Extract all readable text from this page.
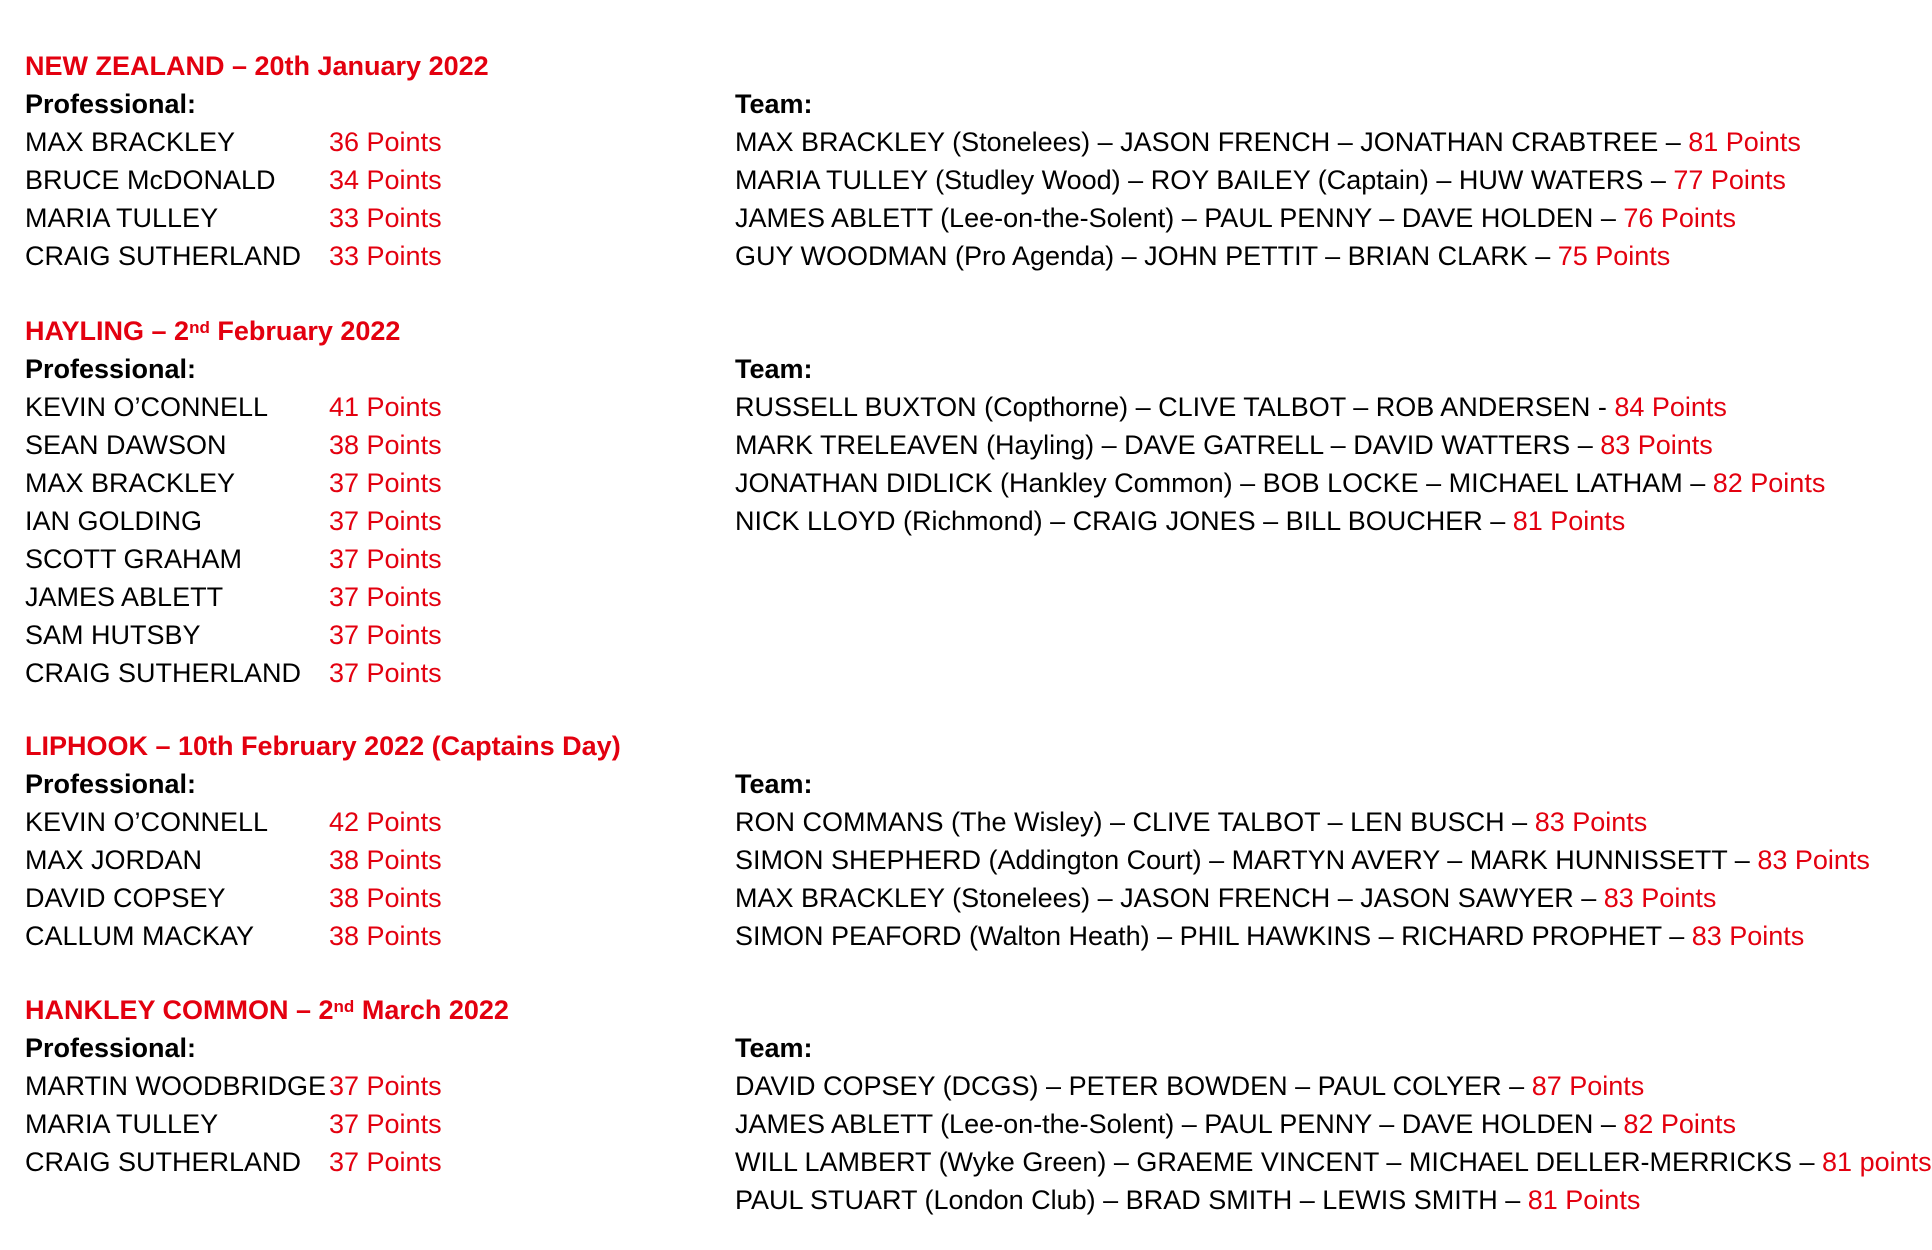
NEW ZEALAND – 20th January 2022
Professional:
MAX BRACKLEY	36 Points
BRUCE McDONALD 34 Points
MARIA TULLEY	33 Points
CRAIG SUTHERLAND 33 Points
Team:
MAX BRACKLEY (Stonelees) – JASON FRENCH – JONATHAN CRABTREE – 81 Points
MARIA TULLEY (Studley Wood) – ROY BAILEY (Captain) – HUW WATERS – 77 Points
JAMES ABLETT (Lee-on-the-Solent) – PAUL PENNY – DAVE HOLDEN – 76 Points
GUY WOODMAN (Pro Agenda) – JOHN PETTIT – BRIAN CLARK – 75 Points
HAYLING – 2nd February 2022
Professional:
KEVIN O’CONNELL 41 Points
SEAN DAWSON	38 Points
MAX BRACKLEY	37 Points
IAN GOLDING	37 Points
SCOTT GRAHAM	37 Points
JAMES ABLETT	37 Points
SAM HUTSBY	37 Points
CRAIG SUTHERLAND 37 Points
Team:
RUSSELL BUXTON (Copthorne) – CLIVE TALBOT – ROB ANDERSEN - 84 Points
MARK TRELEAVEN (Hayling) – DAVE GATRELL – DAVID WATTERS – 83 Points
JONATHAN DIDLICK (Hankley Common) – BOB LOCKE – MICHAEL LATHAM – 82 Points
NICK LLOYD (Richmond) – CRAIG JONES – BILL BOUCHER – 81 Points
LIPHOOK – 10th February 2022 (Captains Day)
Professional:
KEVIN O’CONNELL 42 Points
MAX JORDAN	38 Points
DAVID COPSEY	38 Points
CALLUM MACKAY	38 Points
Team:
RON COMMANS (The Wisley) – CLIVE TALBOT – LEN BUSCH – 83 Points
SIMON SHEPHERD (Addington Court) – MARTYN AVERY – MARK HUNNISSETT – 83 Points
MAX BRACKLEY (Stonelees) – JASON FRENCH – JASON SAWYER – 83 Points
SIMON PEAFORD (Walton Heath) – PHIL HAWKINS – RICHARD PROPHET – 83 Points
HANKLEY COMMON – 2nd March 2022
Professional:
MARTIN WOODBRIDGE 37 Points
MARIA TULLEY	37 Points
CRAIG SUTHERLAND 37 Points
Team:
DAVID COPSEY (DCGS) – PETER BOWDEN – PAUL COLYER – 87 Points
JAMES ABLETT (Lee-on-the-Solent) – PAUL PENNY – DAVE HOLDEN – 82 Points
WILL LAMBERT (Wyke Green) – GRAEME VINCENT – MICHAEL DELLER-MERRICKS – 81 points
PAUL STUART (London Club) – BRAD SMITH – LEWIS SMITH – 81 Points
